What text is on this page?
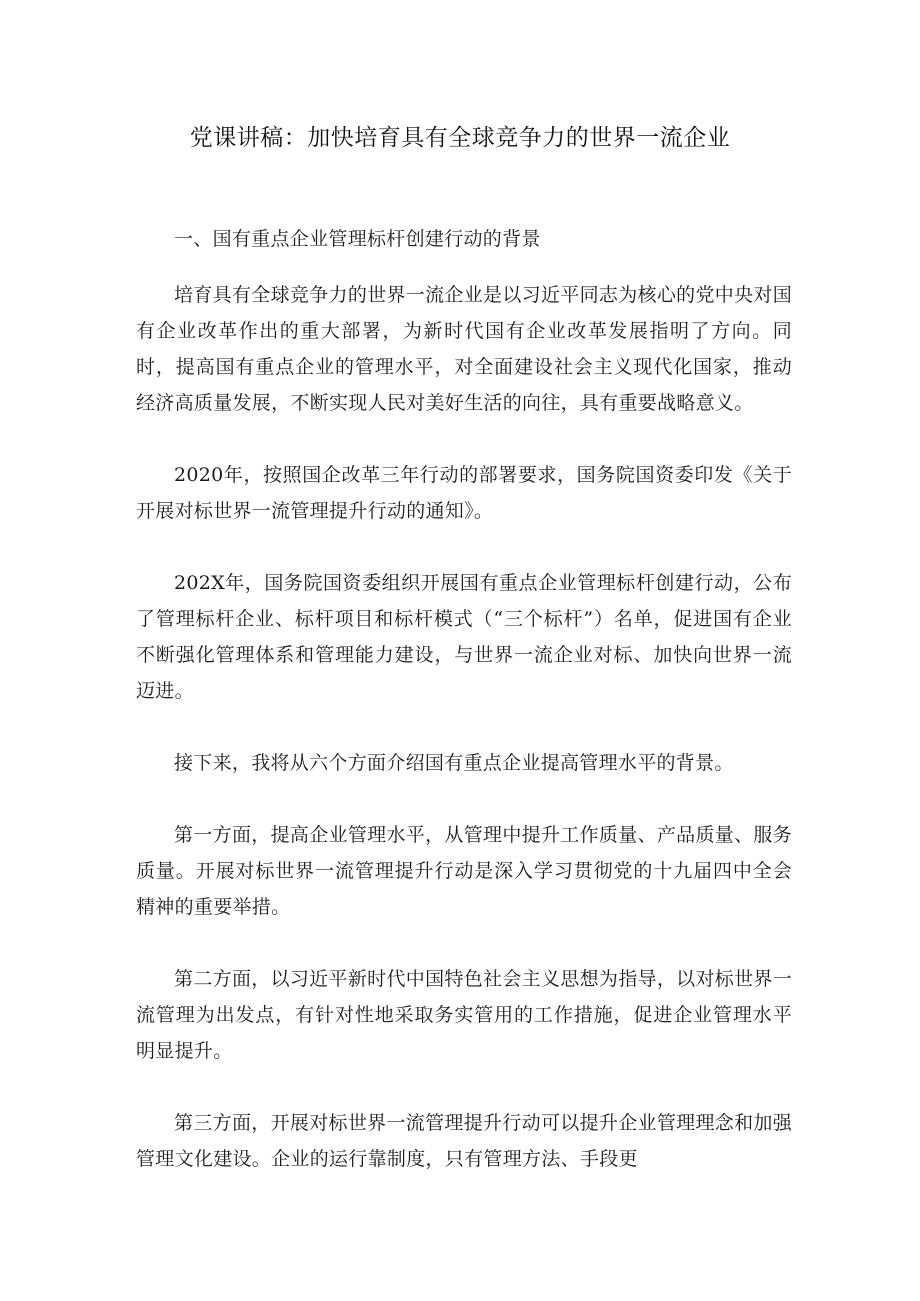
党课讲稿：加快培育具有全球竞争力的世界一流企业

一、国有重点企业管理标杆创建行动的背景

培育具有全球竞争力的世界一流企业是以习近平同志为核心的党中央对国有企业改革作出的重大部署，为新时代国有企业改革发展指明了方向。同时，提高国有重点企业的管理水平，对全面建设社会主义现代化国家，推动经济高质量发展，不断实现人民对美好生活的向往，具有重要战略意义。

2020年，按照国企改革三年行动的部署要求，国务院国资委印发《关于开展对标世界一流管理提升行动的通知》。

202X年，国务院国资委组织开展国有重点企业管理标杆创建行动，公布了管理标杆企业、标杆项目和标杆模式（“三个标杆”）名单，促进国有企业不断强化管理体系和管理能力建设，与世界一流企业对标、加快向世界一流迈进。

接下来，我将从六个方面介绍国有重点企业提高管理水平的背景。

第一方面，提高企业管理水平，从管理中提升工作质量、产品质量、服务质量。开展对标世界一流管理提升行动是深入学习贯彻党的十九届四中全会精神的重要举措。

第二方面，以习近平新时代中国特色社会主义思想为指导，以对标世界一流管理为出发点，有针对性地采取务实管用的工作措施，促进企业管理水平明显提升。

第三方面，开展对标世界一流管理提升行动可以提升企业管理理念和加强管理文化建设。企业的运行靠制度，只有管理方法、手段更
